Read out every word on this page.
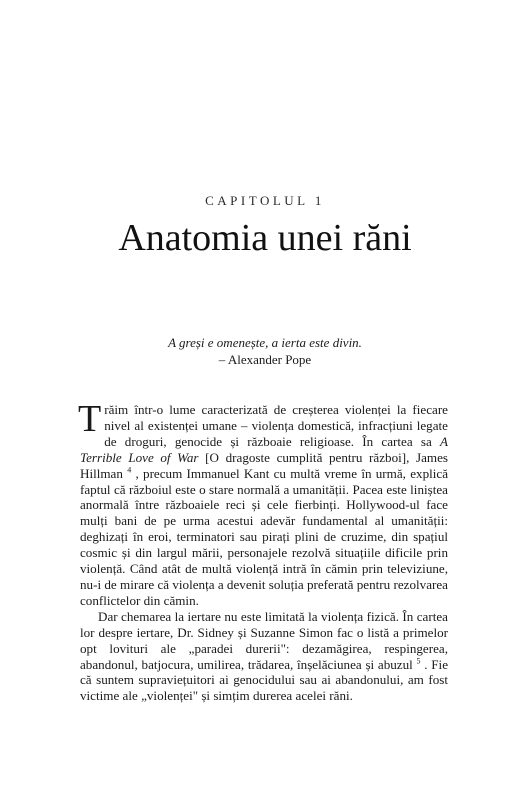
CAPITOLUL 1
Anatomia unei răni
A greși e omenește, a ierta este divin.
– Alexander Pope

T răim într-o lume caracterizată de creșterea violenței la fiecare nivel al existenței umane – violența domestică, infracțiuni legate de droguri, genocide și războaie religioase. În cartea sa A Terrible Love of War [O dragoste cumplită pentru război], James Hillman $^4$ , precum Immanuel Kant cu multă vreme în urmă, explică faptul că războiul este o stare normală a umanității. Pacea este liniștea anormală între războaiele reci și cele fierbinți. Hollywood-ul face mulți bani de pe urma acestui adevăr fundamental al umanității: deghizați în eroi, terminatori sau pirați plini de cruzime, din spațiul cosmic și din largul mării, personajele rezolvă situațiile dificile prin violență. Când atât de multă violență intră în cămin prin televiziune, nu-i de mirare că violența a devenit soluția preferată pentru rezolvarea conflictelor din cămin.

Dar chemarea la iertare nu este limitată la violența fizică. În cartea lor despre iertare, Dr. Sidney și Suzanne Simon fac o listă a primelor opt lovituri ale „paradei durerii": dezamăgirea, respingerea, abandonul, batjocura, umilirea, trădarea, înșelăciunea și abuzul $^5$ . Fie că suntem supraviețuitori ai genocidului sau ai abandonului, am fost victime ale „violenței" și simțim durerea acelei răni.
